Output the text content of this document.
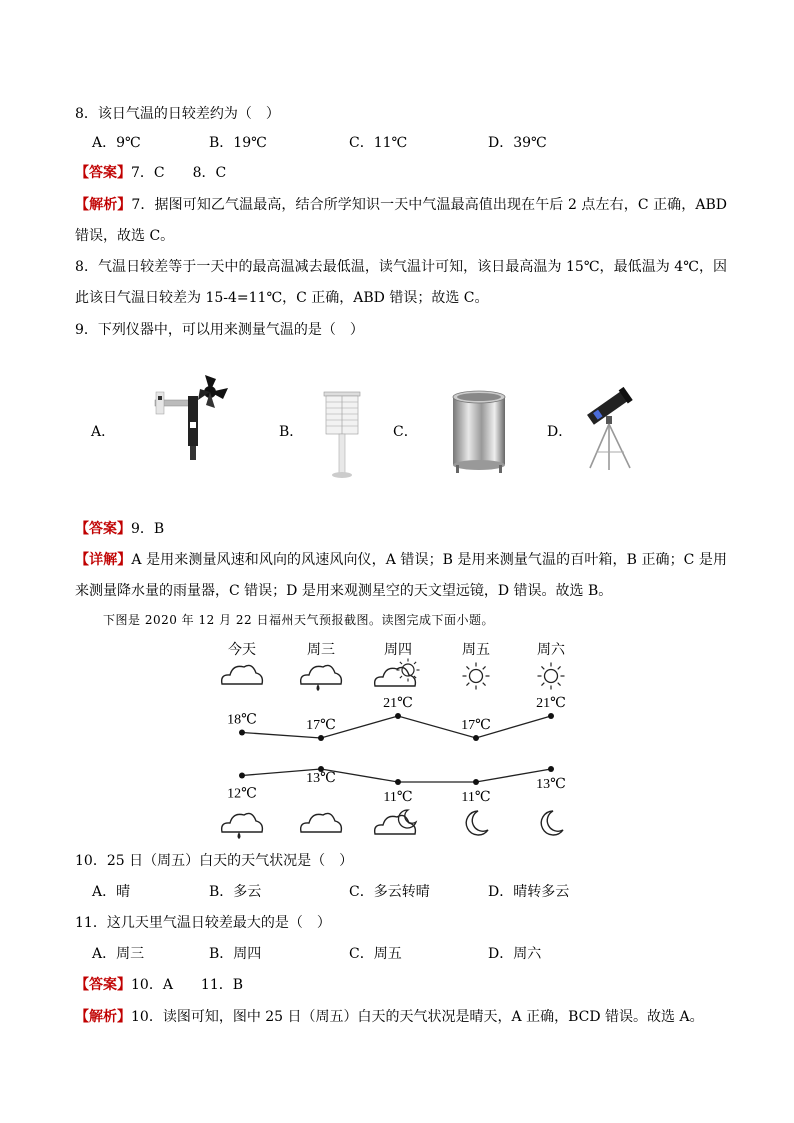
8．该日气温的日较差约为（　）
A．9℃	B．19℃	C．11℃	D．39℃
【答案】7．C　　8．C
【解析】7．据图可知乙气温最高，结合所学知识一天中气温最高值出现在午后 2 点左右，C 正确，ABD 错误，故选 C。
8．气温日较差等于一天中的最高温减去最低温，读气温计可知，该日最高温为 15℃，最低温为 4℃，因此该日气温日较差为 15-4=11℃，C 正确，ABD 错误；故选 C。
9．下列仪器中，可以用来测量气温的是（　）
A．	B．	C．	D．
【答案】9．B
【详解】A 是用来测量风速和风向的风速风向仪，A 错误；B 是用来测量气温的百叶箱，B 正确；C 是用来测量降水量的雨量器，C 错误；D 是用来观测星空的天文望远镜，D 错误。故选 B。
下图是 2020 年 12 月 22 日福州天气预报截图。读图完成下面小题。
今天	周三	周四	周五	周六
18℃	17℃
21℃
17℃
21℃
12℃
13℃
11℃	11℃
13℃
10．25 日（周五）白天的天气状况是（　）
A．晴	B．多云	C．多云转晴	D．晴转多云
11．这几天里气温日较差最大的是（　）
A．周三	B．周四	C．周五	D．周六
【答案】10．A　　11．B
【解析】10．读图可知，图中 25 日（周五）白天的天气状况是晴天，A 正确，BCD 错误。故选 A。
